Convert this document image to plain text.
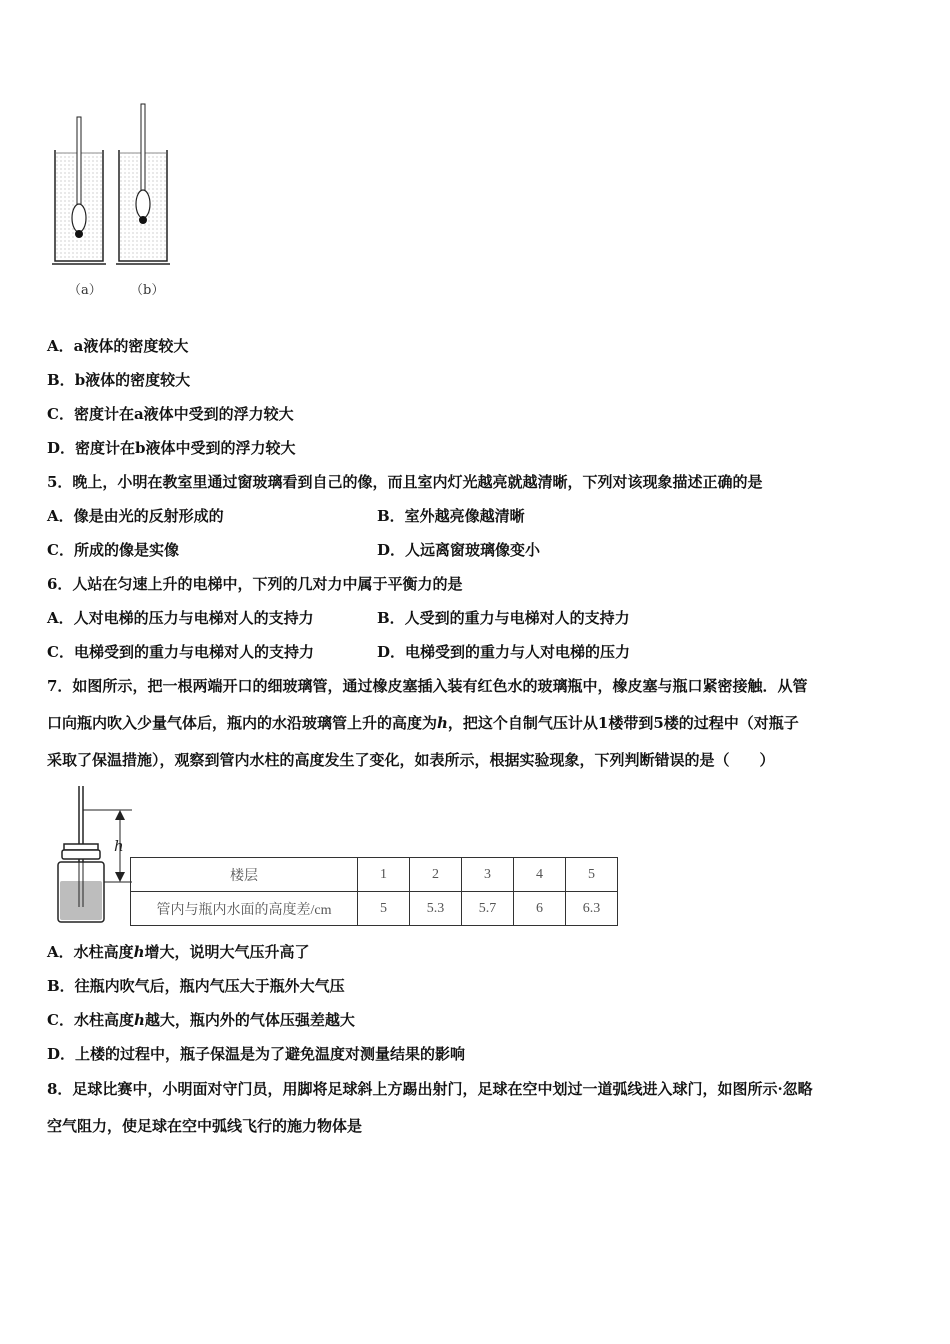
（a） （b）
A．a液体的密度较大
B．b液体的密度较大
C．密度计在a液体中受到的浮力较大
D．密度计在b液体中受到的浮力较大
5．晚上，小明在教室里通过窗玻璃看到自己的像，而且室内灯光越亮就越清晰，下列对该现象描述正确的是
A．像是由光的反射形成的	B．室外越亮像越清晰
C．所成的像是实像	D．人远离窗玻璃像变小
6．人站在匀速上升的电梯中，下列的几对力中属于平衡力的是
A．人对电梯的压力与电梯对人的支持力	B．人受到的重力与电梯对人的支持力
C．电梯受到的重力与电梯对人的支持力	D．电梯受到的重力与人对电梯的压力
7．如图所示，把一根两端开口的细玻璃管，通过橡皮塞插入装有红色水的玻璃瓶中，橡皮塞与瓶口紧密接触．从管
口向瓶内吹入少量气体后，瓶内的水沿玻璃管上升的高度为h，把这个自制气压计从1楼带到5楼的过程中（对瓶子
采取了保温措施），观察到管内水柱的高度发生了变化，如表所示，根据实验现象，下列判断错误的是（　　）
h
楼层	1	2	3	4	5
管内与瓶内水面的高度差/cm	5	5.3	5.7	6	6.3
A．水柱高度h增大，说明大气压升高了
B．往瓶内吹气后，瓶内气压大于瓶外大气压
C．水柱高度h越大，瓶内外的气体压强差越大
D．上楼的过程中，瓶子保温是为了避免温度对测量结果的影响
8．足球比赛中，小明面对守门员，用脚将足球斜上方踢出射门，足球在空中划过一道弧线进入球门，如图所示·忽略
空气阻力，使足球在空中弧线飞行的施力物体是
